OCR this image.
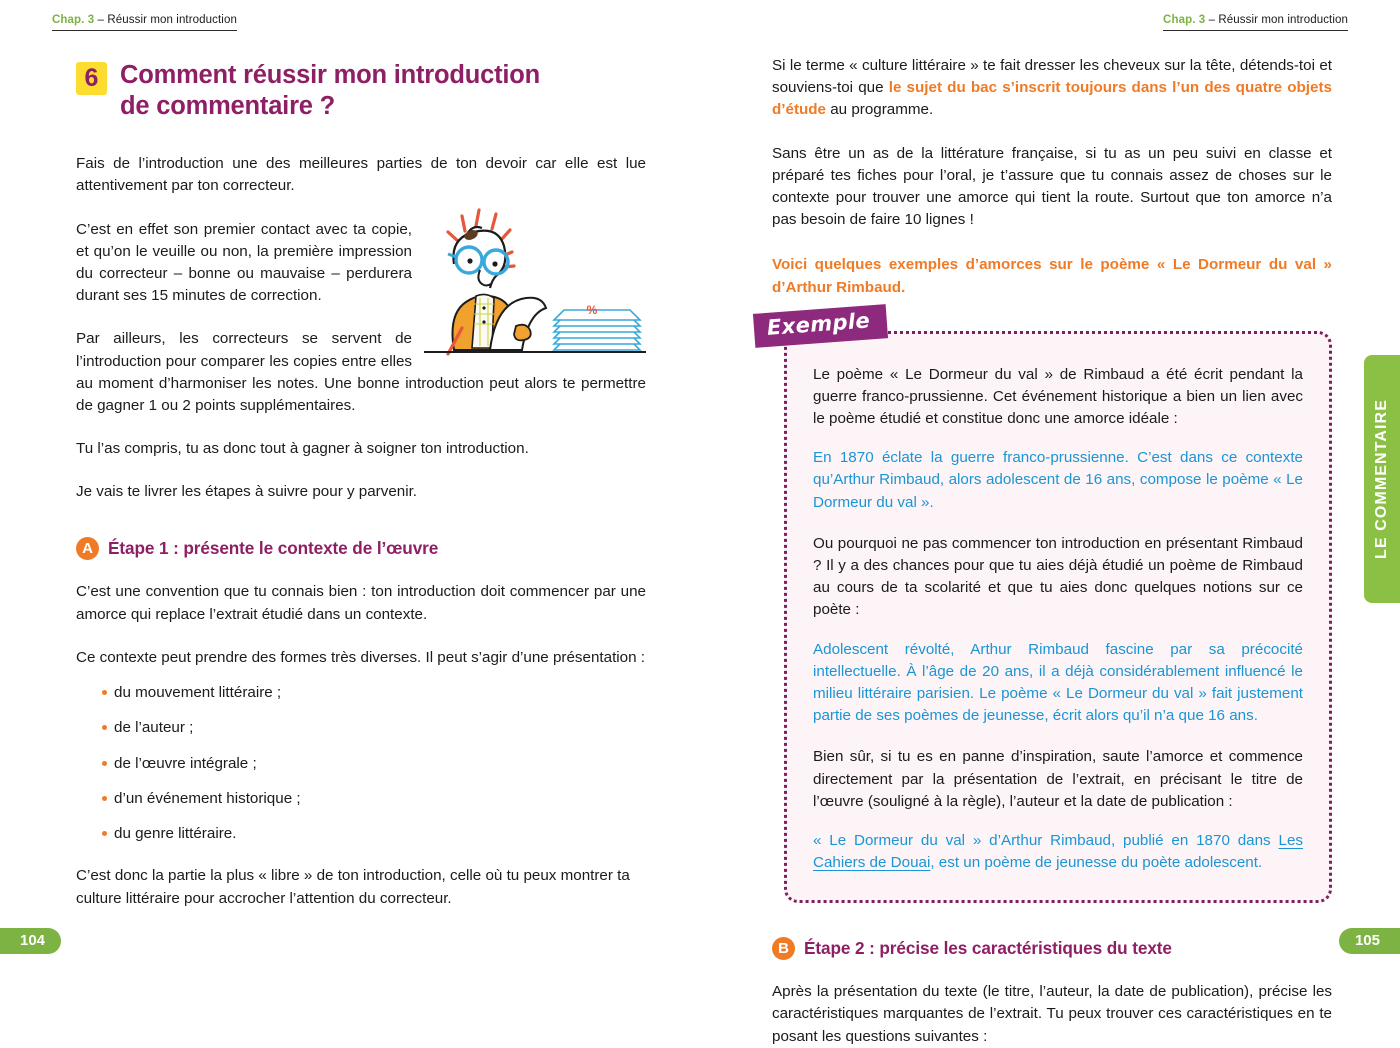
Chap. 3 – Réussir mon introduction	Chap. 3 – Réussir mon introduction
6 Comment réussir mon introduction
de commentaire ?

Fais de l’introduction une des meilleures parties de ton devoir car elle est lue attentivement par ton correcteur.

%

C’est en effet son premier contact avec ta copie, et qu’on le veuille ou non, la première impression du correcteur – bonne ou mauvaise – perdurera durant ses 15 minutes de correction.

Par ailleurs, les correcteurs se servent de l’introduction pour comparer les copies entre elles au moment d’harmoniser les notes. Une bonne introduction peut alors te permettre de gagner 1 ou 2 points supplémentaires.

Tu l’as compris, tu as donc tout à gagner à soigner ton introduction.

Je vais te livrer les étapes à suivre pour y parvenir.

A Étape 1 : présente le contexte de l’œuvre

C’est une convention que tu connais bien : ton introduction doit commencer par une amorce qui replace l’extrait étudié dans un contexte.

Ce contexte peut prendre des formes très diverses. Il peut s’agir d’une présentation :

du mouvement littéraire ;
de l’auteur ;
de l’œuvre intégrale ;
d’un événement historique ;
du genre littéraire.

C’est donc la partie la plus « libre » de ton introduction, celle où tu peux montrer ta culture littéraire pour accrocher l’attention du correcteur.

Si le terme « culture littéraire » te fait dresser les cheveux sur la tête, détends-toi et souviens-toi que le sujet du bac s’inscrit toujours dans l’un des quatre objets d’étude au programme.

Sans être un as de la littérature française, si tu as un peu suivi en classe et préparé tes fiches pour l’oral, je t’assure que tu connais assez de choses sur le contexte pour trouver une amorce qui tient la route. Surtout que ton amorce n’a pas besoin de faire 10 lignes !

Voici quelques exemples d’amorces sur le poème « Le Dormeur du val » d’Arthur Rimbaud.

Exemple

Le poème « Le Dormeur du val » de Rimbaud a été écrit pendant la guerre franco-prussienne. Cet événement historique a bien un lien avec le poème étudié et constitue donc une amorce idéale :

En 1870 éclate la guerre franco-prussienne. C’est dans ce contexte qu’Arthur Rimbaud, alors adolescent de 16 ans, compose le poème « Le Dormeur du val ».

Ou pourquoi ne pas commencer ton introduction en présentant Rimbaud ? Il y a des chances pour que tu aies déjà étudié un poème de Rimbaud au cours de ta scolarité et que tu aies donc quelques notions sur ce poète :

Adolescent révolté, Arthur Rimbaud fascine par sa précocité intellectuelle. À l’âge de 20 ans, il a déjà considérablement influencé le milieu littéraire parisien. Le poème « Le Dormeur du val » fait justement partie de ses poèmes de jeunesse, écrit alors qu’il n’a que 16 ans.

Bien sûr, si tu es en panne d’inspiration, saute l’amorce et commence directement par la présentation de l’extrait, en précisant le titre de l’œuvre (souligné à la règle), l’auteur et la date de publication :

« Le Dormeur du val » d’Arthur Rimbaud, publié en 1870 dans Les Cahiers de Douai, est un poème de jeunesse du poète adolescent.

B Étape 2 : précise les caractéristiques du texte

Après la présentation du texte (le titre, l’auteur, la date de publication), précise les caractéristiques marquantes de l’extrait. Tu peux trouver ces caractéristiques en te posant les questions suivantes :

LE COMMENTAIRE
104	105
